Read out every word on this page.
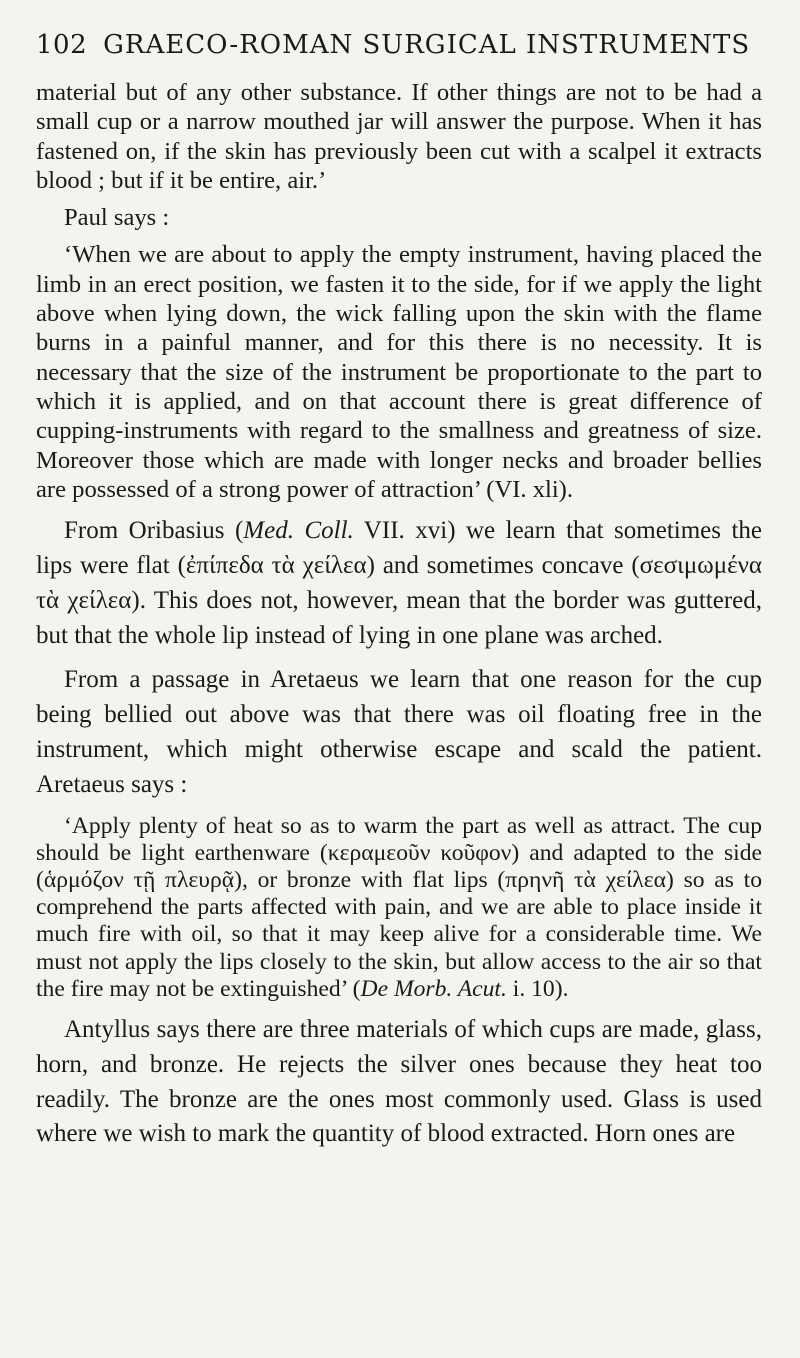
102 GRAECO-ROMAN SURGICAL INSTRUMENTS

material but of any other substance. If other things are not to be had a small cup or a narrow mouthed jar will answer the purpose. When it has fastened on, if the skin has previously been cut with a scalpel it extracts blood ; but if it be entire, air.’

Paul says :

‘When we are about to apply the empty instrument, having placed the limb in an erect position, we fasten it to the side, for if we apply the light above when lying down, the wick falling upon the skin with the flame burns in a painful manner, and for this there is no necessity. It is necessary that the size of the instrument be proportionate to the part to which it is applied, and on that account there is great difference of cupping-instruments with regard to the smallness and greatness of size. Moreover those which are made with longer necks and broader bellies are possessed of a strong power of attraction’ (VI. xli).

From Oribasius (Med. Coll. VII. xvi) we learn that sometimes the lips were flat (ἐπίπεδα τὰ χείλεα) and sometimes concave (σεσιμωμένα τὰ χείλεα). This does not, however, mean that the border was guttered, but that the whole lip instead of lying in one plane was arched.

From a passage in Aretaeus we learn that one reason for the cup being bellied out above was that there was oil floating free in the instrument, which might otherwise escape and scald the patient. Aretaeus says :

‘Apply plenty of heat so as to warm the part as well as attract. The cup should be light earthenware (κεραμεοῦν κοῦφον) and adapted to the side (ἁρμόζον τῇ πλευρᾷ), or bronze with flat lips (πρηνῆ τὰ χείλεα) so as to comprehend the parts affected with pain, and we are able to place inside it much fire with oil, so that it may keep alive for a considerable time. We must not apply the lips closely to the skin, but allow access to the air so that the fire may not be extinguished’ (De Morb. Acut. i. 10).

Antyllus says there are three materials of which cups are made, glass, horn, and bronze. He rejects the silver ones because they heat too readily. The bronze are the ones most commonly used. Glass is used where we wish to mark the quantity of blood extracted. Horn ones are
